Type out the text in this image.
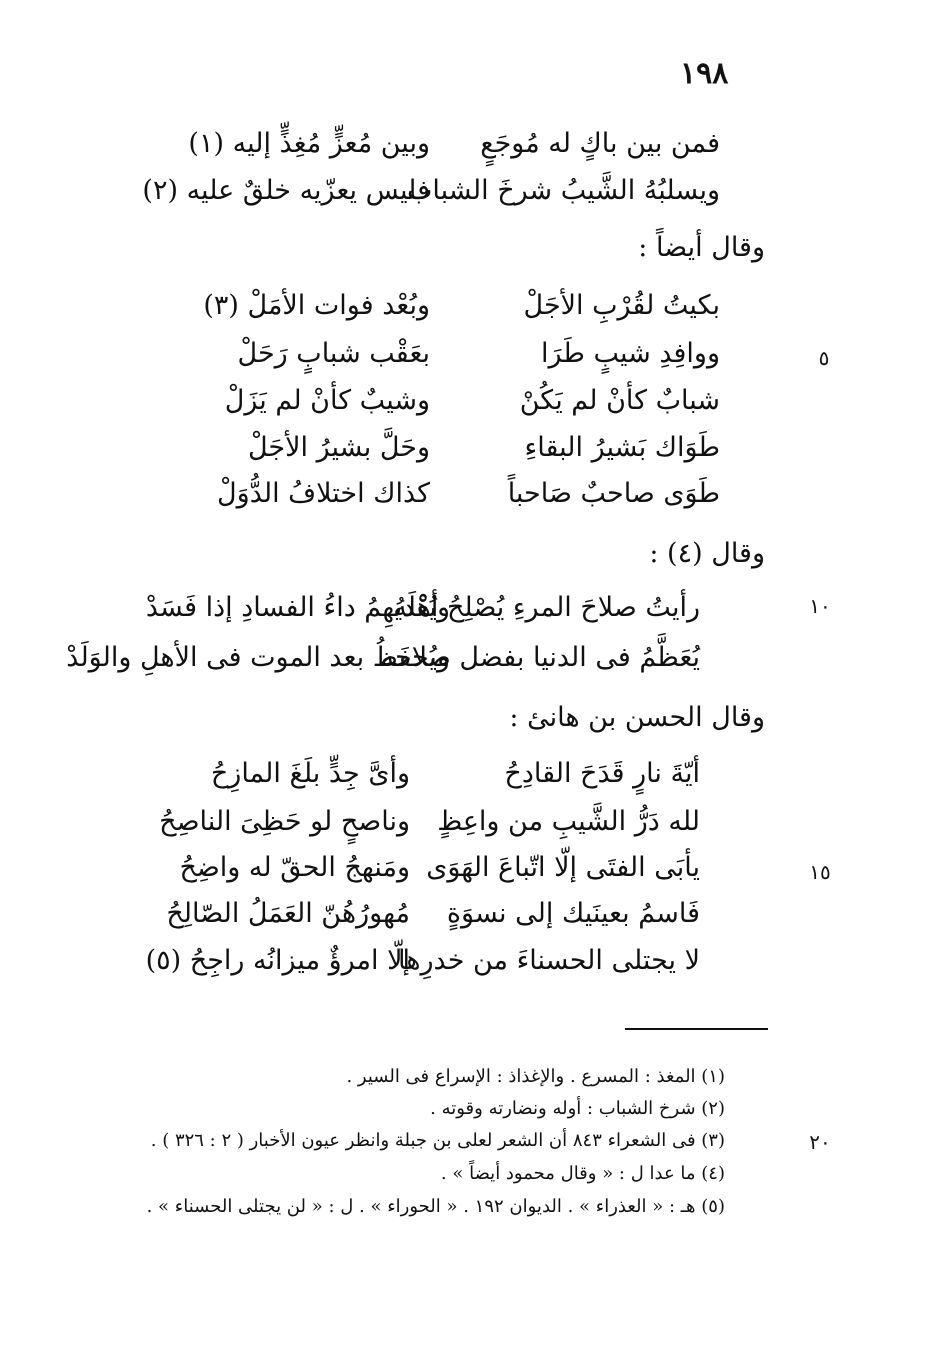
١٩٨
فمن بين باكٍ له مُوجَعٍ
وبين مُعزٍّ مُغِذٍّ إليه (١)
ويسلبُهُ الشَّيبُ شرخَ الشباب
فليس يعزّيه خلقٌ عليه (٢)
وقال أيضاً :
بكيتُ لقُرْبِ الأجَلْ
وبُعْد فوات الأمَلْ (٣)
ووافِدِ شيبٍ طَرَا
بعَقْب شبابٍ رَحَلْ	٥
شبابٌ كأنْ لم يَكُنْ
وشيبٌ كأنْ لم يَزَلْ
طَوَاك بَشيرُ البقاءِ
وحَلَّ بشيرُ الأجَلْ
طَوَى صاحبٌ صَاحباً
كذاك اختلافُ الدُّوَلْ
وقال (٤) :
رأيتُ صلاحَ المرءِ يُصْلِحُ أهْلَهُ
ويُعْديهِمُ داءُ الفسادِ إذا فَسَدْ	١٠
يُعَظَّمُ فى الدنيا بفضل صلاحه
ويُحفَظُ بعد الموت فى الأهلِ والوَلَدْ
وقال الحسن بن هانئ :
أيّةَ نارٍ قَدَحَ القادِحُ
وأىَّ جِدٍّ بلَغَ المازِحُ
لله دَرُّ الشَّيبِ من واعِظٍ
وناصحٍ لو حَظِىَ الناصِحُ
يأبَى الفتَى إلّا اتّباعَ الهَوَى
ومَنهجُ الحقّ له واضِحُ	١٥
فَاسمُ بعينَيك إلى نسوَةٍ
مُهورُهُنّ العَمَلُ الصّالِحُ
لا يجتلى الحسناءَ من خدرِها
إلّا امرؤٌ ميزانُه راجِحُ (٥)
(١) المغذ : المسرع . والإغذاذ : الإسراع فى السير .
(٢) شرخ الشباب : أوله ونضارته وقوته .
(٣) فى الشعراء ٨٤٣ أن الشعر لعلى بن جبلة وانظر عيون الأخبار ( ٢ : ٣٢٦ ) .	٢٠
(٤) ما عدا ل : « وقال محمود أيضاً » .
(٥) هـ : « العذراء » . الديوان ١٩٢ . « الحوراء » . ل : « لن يجتلى الحسناء » .
